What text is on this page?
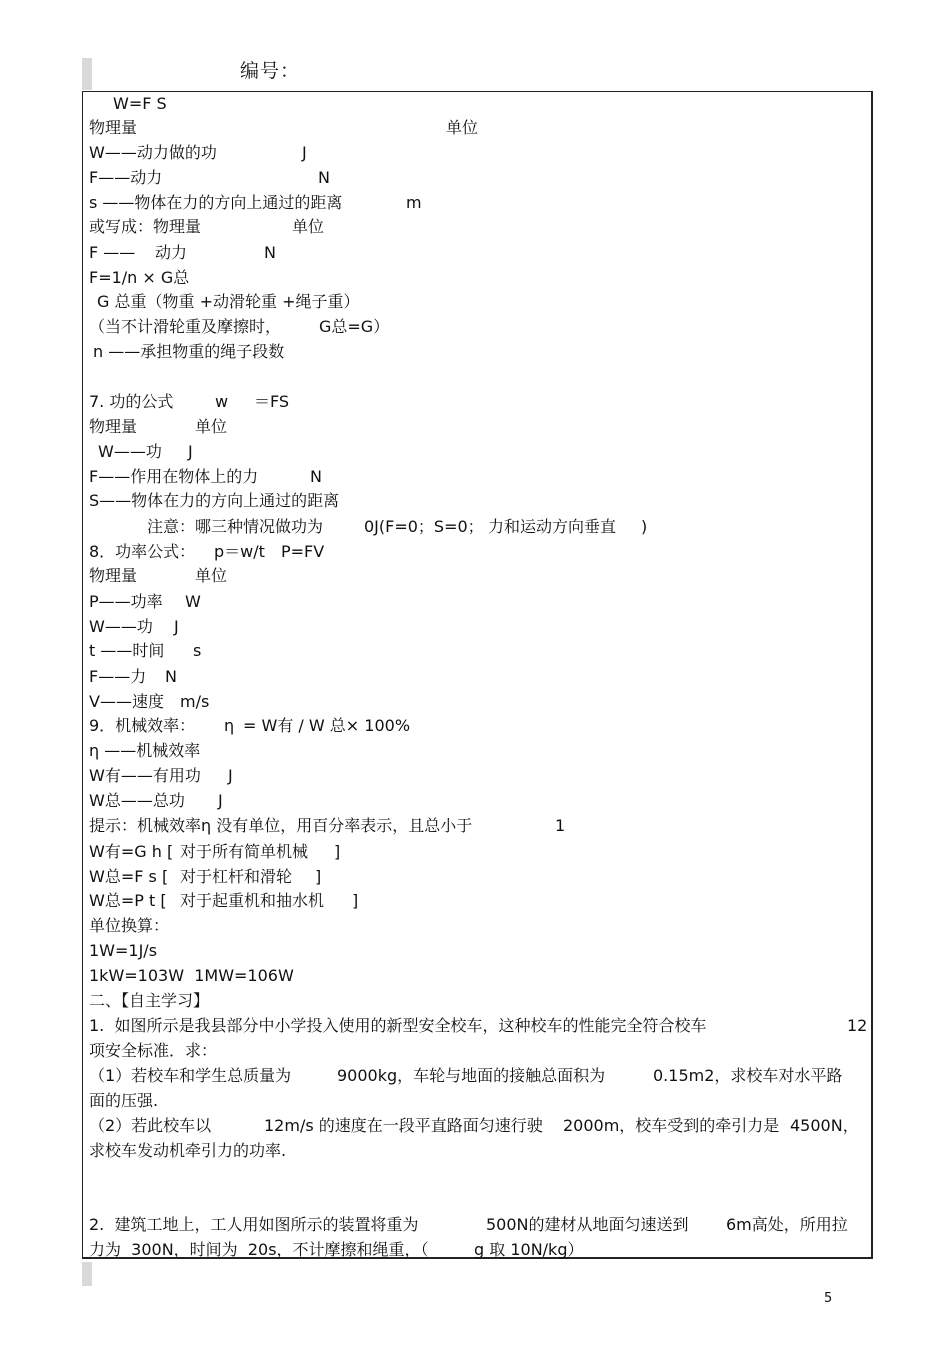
编号：
W=F S
物理量	单位
W——动力做的功	J
F——动力	N
s ——物体在力的方向上通过的距离	m
或写成：物理量	单位
F —— 动力	N
F=1/n × G总
G 总重（物重 +动滑轮重 +绳子重）
（当不计滑轮重及摩擦时， G总=G）
n ——承担物重的绳子段数
7. 功的公式	w ＝FS
物理量	单位
W——功 J
F——作用在物体上的力	N
S——物体在力的方向上通过的距离
注意：哪三种情况做功为	0J(F=0；S=0； 力和运动方向垂直 )
8．功率公式： p＝w/t P=FV
物理量	单位
P——功率 W
W——功 J
t ——时间 s
F——力 N
V——速度 m/s
9．机械效率： η = W有 / W 总× 100%
η ——机械效率
W有——有用功 J
W总——总功 J
提示：机械效率η 没有单位，用百分率表示，且总小于	1
W有=G h [ 对于所有简单机械 ]
W总=F s [ 对于杠杆和滑轮 ]
W总=P t [ 对于起重机和抽水机 ]
单位换算：
1W=1J/s
1kW=103W  1MW=106W
二、【自主学习】
1.  如图所示是我县部分中小学投入使用的新型安全校车，这种校车的性能完全符合校车	12
项安全标准．求：
（1）若校车和学生总质量为	9000kg，车轮与地面的接触总面积为	0.15m2，求校车对水平路
面的压强.
（2）若此校车以	12m/s 的速度在一段平直路面匀速行驶 2000m，校车受到的牵引力是 4500N，
求校车发动机牵引力的功率.
2.  建筑工地上，工人用如图所示的装置将重为	500N的建材从地面匀速送到 6m高处，所用拉
力为  300N，时间为  20s，不计摩擦和绳重，（	g 取 10N/kg）
5
